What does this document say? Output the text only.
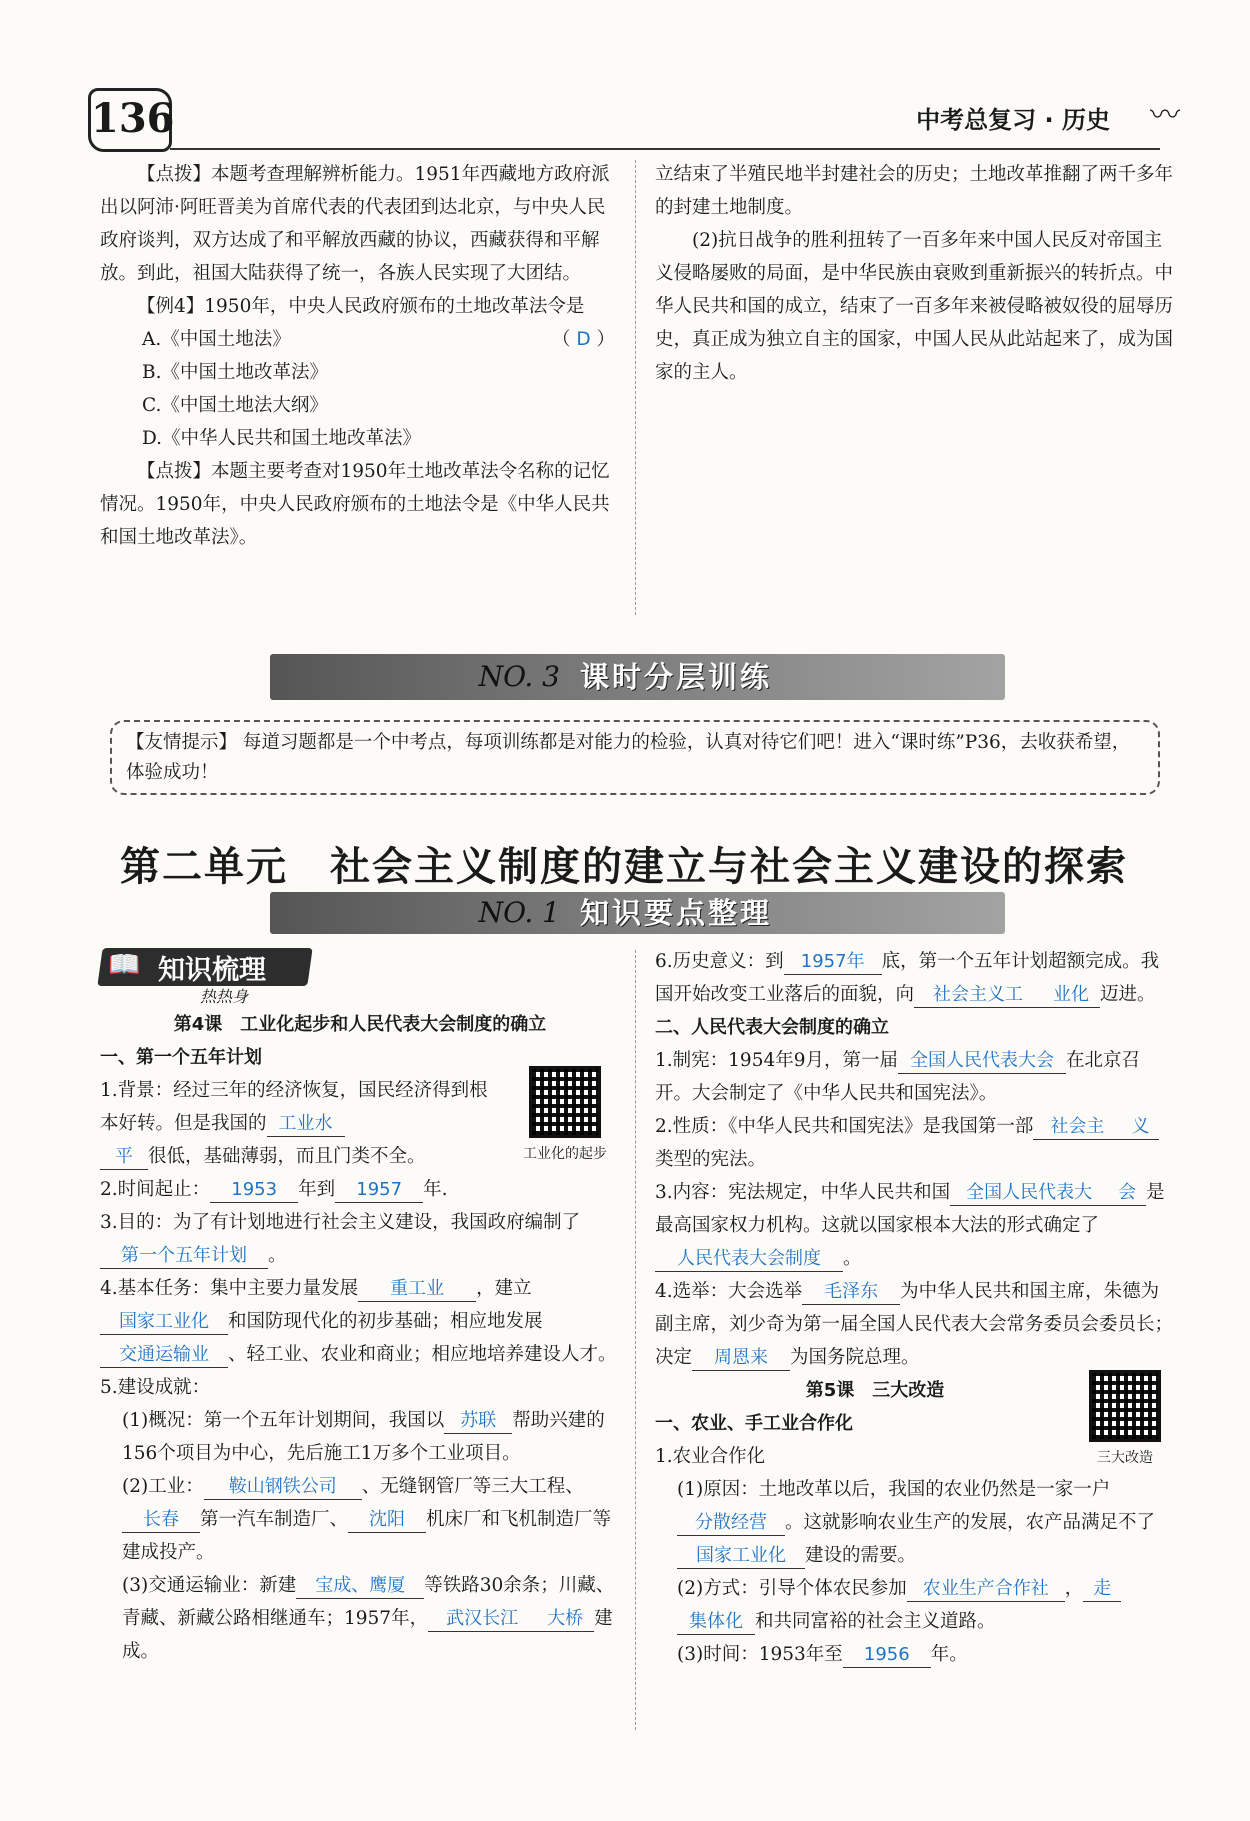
136	〰
中考总复习 · 历史

【点拨】本题考查理解辨析能力。1951年西藏地方政府派出以阿沛·阿旺晋美为首席代表的代表团到达北京，与中央人民政府谈判，双方达成了和平解放西藏的协议，西藏获得和平解放。到此，祖国大陆获得了统一，各族人民实现了大团结。

【例4】1950年，中央人民政府颁布的土地改革法令是
（ D ）

A.《中国土地法》

B.《中国土地改革法》

C.《中国土地法大纲》

D.《中华人民共和国土地改革法》

【点拨】本题主要考查对1950年土地改革法令名称的记忆情况。1950年，中央人民政府颁布的土地法令是《中华人民共和国土地改革法》。

立结束了半殖民地半封建社会的历史；土地改革推翻了两千多年的封建土地制度。

(2)抗日战争的胜利扭转了一百多年来中国人民反对帝国主义侵略屡败的局面，是中华民族由衰败到重新振兴的转折点。中华人民共和国的成立，结束了一百多年来被侵略被奴役的屈辱历史，真正成为独立自主的国家，中国人民从此站起来了，成为国家的主人。

NO. 3 课时分层训练
【友情提示】 每道习题都是一个中考点，每项训练都是对能力的检验，认真对待它们吧！进入“课时练”P36，去收获希望，体验成功！
第二单元　社会主义制度的建立与社会主义建设的探索
NO. 1 知识要点整理
📖 知识梳理
热热身

第4课　工业化起步和人民代表大会制度的确立

一、第一个五年计划

工业化的起步

1.背景：经过三年的经济恢复，国民经济得到根本好转。但是我国的 工业水

平 很低，基础薄弱，而且门类不全。

2.时间起止： 1953 年到 1957 年.

3.目的：为了有计划地进行社会主义建设，我国政府编制了第一个五年计划 。

4.基本任务：集中主要力量发展 重工业 ，建立国家工业化 和国防现代化的初步基础；相应地发展交通运输业 、轻工业、农业和商业；相应地培养建设人才。

5.建设成就：

(1)概况：第一个五年计划期间，我国以 苏联 帮助兴建的156个项目为中心，先后施工1万多个工业项目。

(2)工业： 鞍山钢铁公司 、无缝钢管厂等三大工程、长春 第一汽车制造厂、 沈阳 机床厂和飞机制造厂等建成投产。

(3)交通运输业：新建 宝成、鹰厦 等铁路30余条；川藏、青藏、新藏公路相继通车；1957年， 武汉长江 大桥 建成。

6.历史意义：到 1957年 底，第一个五年计划超额完成。我国开始改变工业落后的面貌，向 社会主义工 业化 迈进。

二、人民代表大会制度的确立

1.制宪：1954年9月，第一届 全国人民代表大会 在北京召开。大会制定了《中华人民共和国宪法》。

2.性质：《中华人民共和国宪法》是我国第一部 社会主 义类型的宪法。

3.内容：宪法规定，中华人民共和国 全国人民代表大 会 是最高国家权力机构。这就以国家根本大法的形式确定了人民代表大会制度 。

4.选举：大会选举 毛泽东 为中华人民共和国主席，朱德为副主席，刘少奇为第一届全国人民代表大会常务委员会委员长；决定 周恩来 为国务院总理。

三大改造

第5课　三大改造

一、农业、手工业合作化

1.农业合作化

(1)原因：土地改革以后，我国的农业仍然是一家一户分散经营 。这就影响农业生产的发展，农产品满足不了国家工业化 建设的需要。

(2)方式：引导个体农民参加 农业生产合作社 ， 走集体化 和共同富裕的社会主义道路。

(3)时间：1953年至 1956 年。
